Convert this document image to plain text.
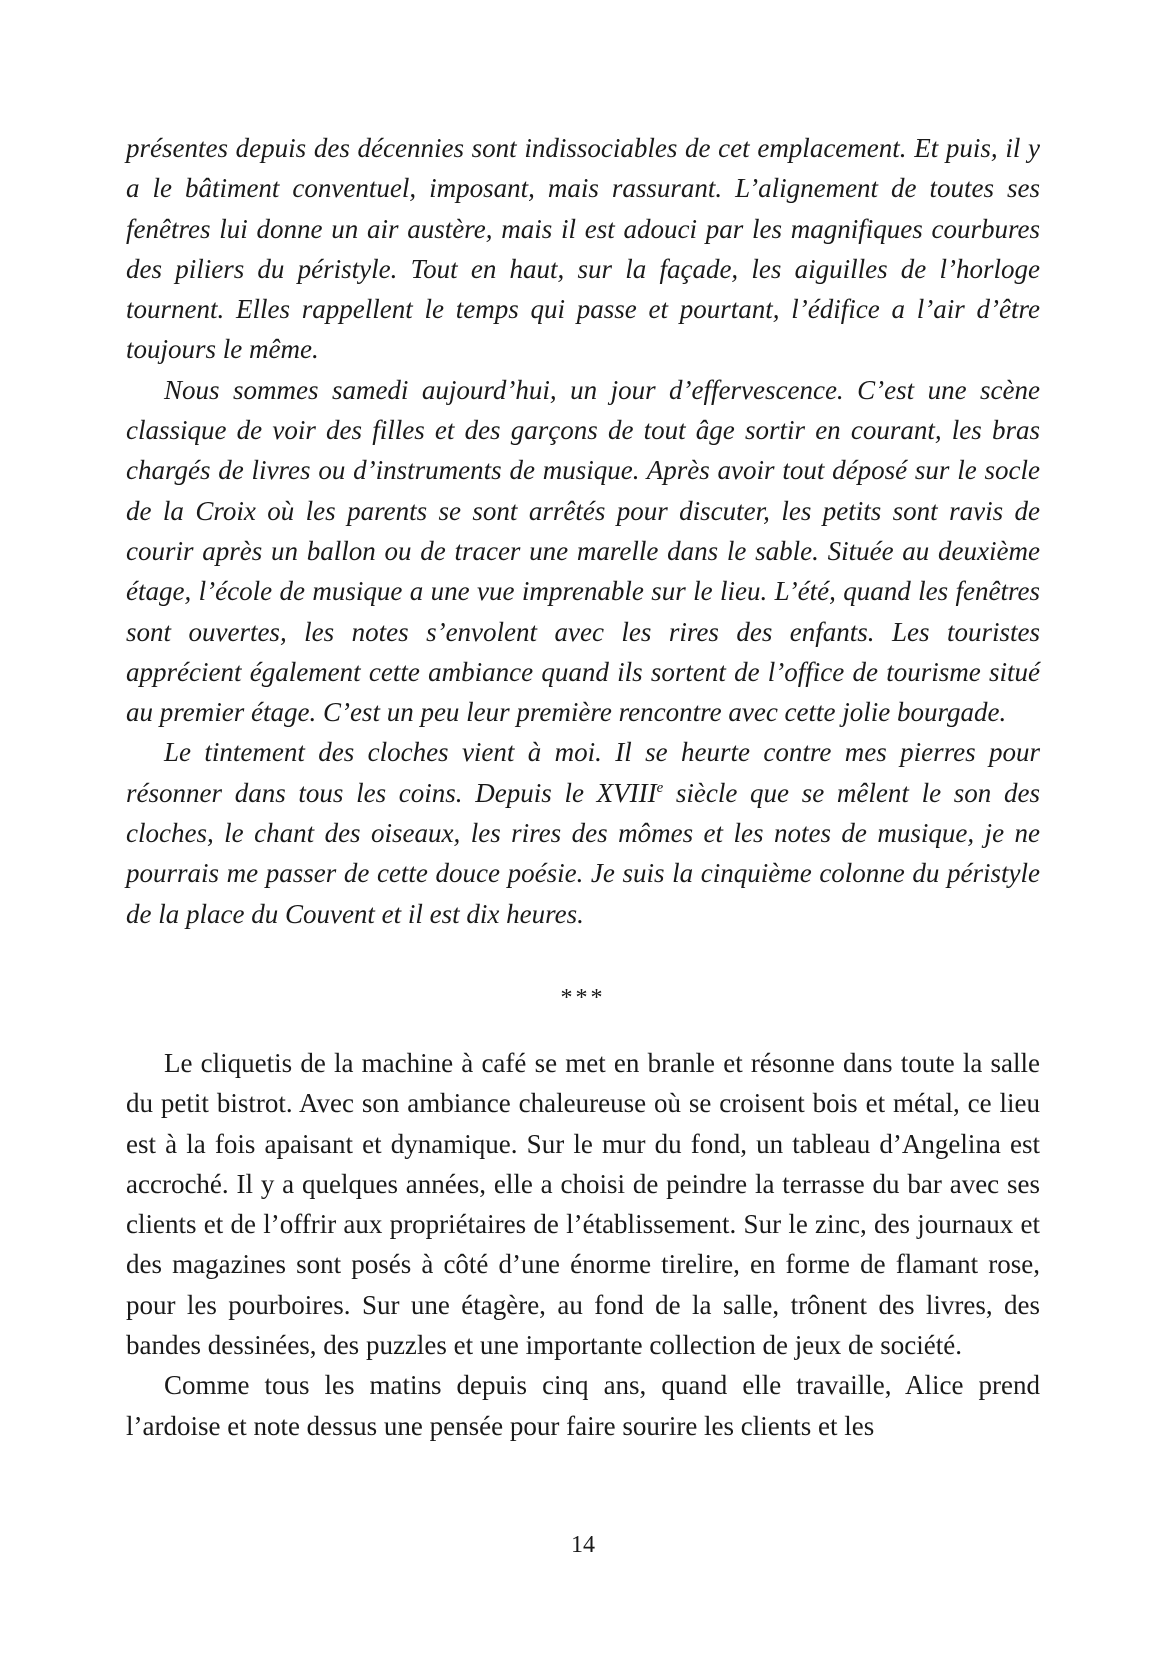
présentes depuis des décennies sont indissociables de cet emplacement. Et puis, il y a le bâtiment conventuel, imposant, mais rassurant. L’alignement de toutes ses fenêtres lui donne un air austère, mais il est adouci par les magnifiques courbures des piliers du péristyle. Tout en haut, sur la façade, les aiguilles de l’horloge tournent. Elles rappellent le temps qui passe et pourtant, l’édifice a l’air d’être toujours le même.

Nous sommes samedi aujourd’hui, un jour d’effervescence. C’est une scène classique de voir des filles et des garçons de tout âge sortir en courant, les bras chargés de livres ou d’instruments de musique. Après avoir tout déposé sur le socle de la Croix où les parents se sont arrêtés pour discuter, les petits sont ravis de courir après un ballon ou de tracer une marelle dans le sable. Située au deuxième étage, l’école de musique a une vue imprenable sur le lieu. L’été, quand les fenêtres sont ouvertes, les notes s’envolent avec les rires des enfants. Les touristes apprécient également cette ambiance quand ils sortent de l’office de tourisme situé au premier étage. C’est un peu leur première rencontre avec cette jolie bourgade.

Le tintement des cloches vient à moi. Il se heurte contre mes pierres pour résonner dans tous les coins. Depuis le XVIIIe siècle que se mêlent le son des cloches, le chant des oiseaux, les rires des mômes et les notes de musique, je ne pourrais me passer de cette douce poésie. Je suis la cinquième colonne du péristyle de la place du Couvent et il est dix heures.

***

Le cliquetis de la machine à café se met en branle et résonne dans toute la salle du petit bistrot. Avec son ambiance chaleureuse où se croisent bois et métal, ce lieu est à la fois apaisant et dynamique. Sur le mur du fond, un tableau d’Angelina est accroché. Il y a quelques années, elle a choisi de peindre la terrasse du bar avec ses clients et de l’offrir aux propriétaires de l’établissement. Sur le zinc, des journaux et des magazines sont posés à côté d’une énorme tirelire, en forme de flamant rose, pour les pourboires. Sur une étagère, au fond de la salle, trônent des livres, des bandes dessinées, des puzzles et une importante collection de jeux de société.

Comme tous les matins depuis cinq ans, quand elle travaille, Alice prend l’ardoise et note dessus une pensée pour faire sourire les clients et les

14
